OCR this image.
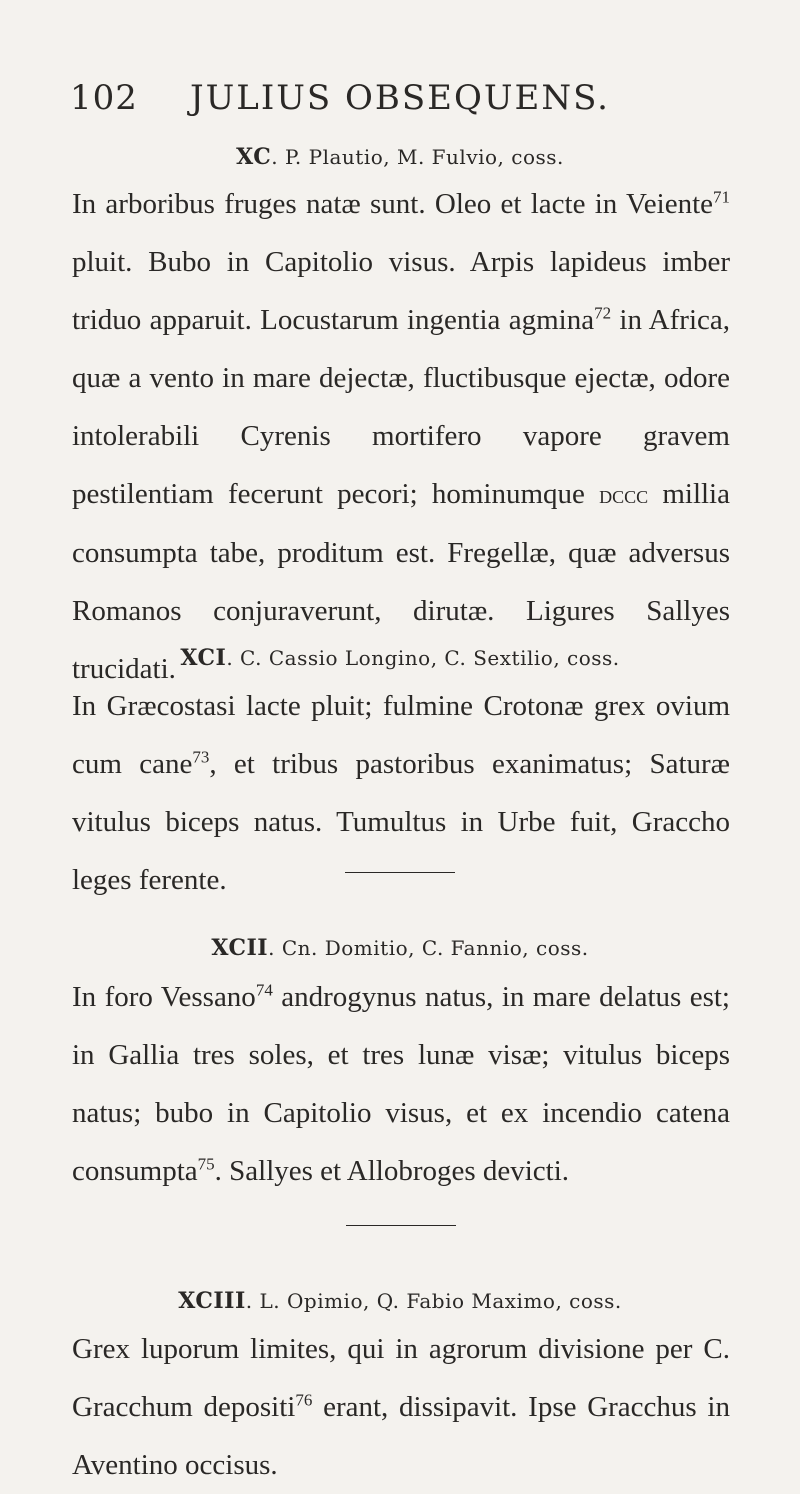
102	JULIUS OBSEQUENS.
XC. P. Plautio, M. Fulvio, coss.
In arboribus fruges natæ sunt. Oleo et lacte in Veiente$^{71}$ pluit. Bubo in Capitolio visus. Arpis lapideus imber triduo apparuit. Locustarum ingentia agmina$^{72}$ in Africa, quæ a vento in mare dejectæ, fluctibusque ejectæ, odore intolerabili Cyrenis mortifero vapore gravem pestilentiam fecerunt pecori; hominumque dccc millia consumpta tabe, proditum est. Fregellæ, quæ adversus Romanos conjuraverunt, dirutæ. Ligures Sallyes trucidati. XCI. C. Cassio Longino, C. Sextilio, coss.
In Græcostasi lacte pluit; fulmine Crotonæ grex ovium cum cane$^{73}$, et tribus pastoribus exanimatus; Saturæ vitulus biceps natus. Tumultus in Urbe fuit, Gracchо leges ferente.
XCII. Cn. Domitio, C. Fannio, coss.
In foro Vessano$^{74}$ androgynus natus, in mare delatus est; in Gallia tres soles, et tres lunæ visæ; vitulus biceps natus; bubo in Capitolio visus, et ex incendio catena consumpta$^{75}$. Sallyes et Allobroges devicti.
XCIII. L. Opimio, Q. Fabio Maximo, coss.
Grex luporum limites, qui in agrorum divisione per C. Gracchum depositi$^{76}$ erant, dissipavit. Ipse Gracchus in Aventino occisus.
